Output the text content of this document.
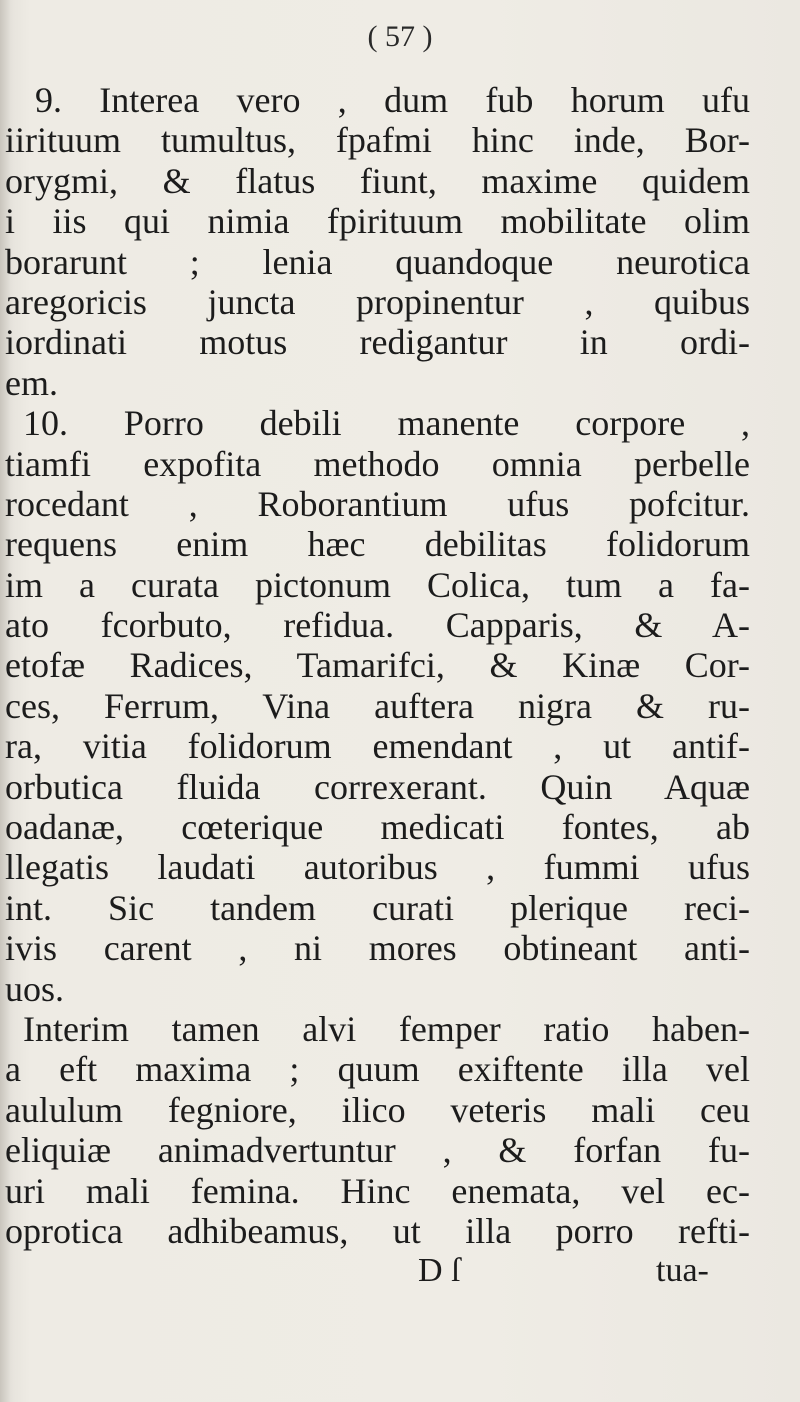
( 57 )
9. Interea vero , dum fub horum ufu
iirituum tumultus, fpafmi hinc inde, Bor-
orygmi, & flatus fiunt, maxime quidem
i iis qui nimia fpirituum mobilitate olim
borarunt ; lenia quandoque neurotica
aregoricis juncta propinentur , quibus
iordinati motus redigantur in ordi-
em.
10. Porro debili manente corpore ,
tiamfi expofita methodo omnia perbelle
rocedant , Roborantium ufus pofcitur.
requens enim hæc debilitas folidorum
im a curata pictonum Colica, tum a fa-
ato fcorbuto, refidua. Capparis, & A-
etofæ Radices, Tamarifci, & Kinæ Cor-
ces, Ferrum, Vina auftera nigra & ru-
ra, vitia folidorum emendant , ut antif-
orbutica fluida correxerant. Quin Aquæ
oadanæ, cœterique medicati fontes, ab
llegatis laudati autoribus , fummi ufus
int. Sic tandem curati plerique reci-
ivis carent , ni mores obtineant anti-
uos.
Interim tamen alvi femper ratio haben-
a eft maxima ; quum exiftente illa vel
aululum fegniore, ilico veteris mali ceu
eliquiæ animadvertuntur , & forfan fu-
uri mali femina. Hinc enemata, vel ec-
oprotica adhibeamus, ut illa porro refti-
D ſ	tua-
